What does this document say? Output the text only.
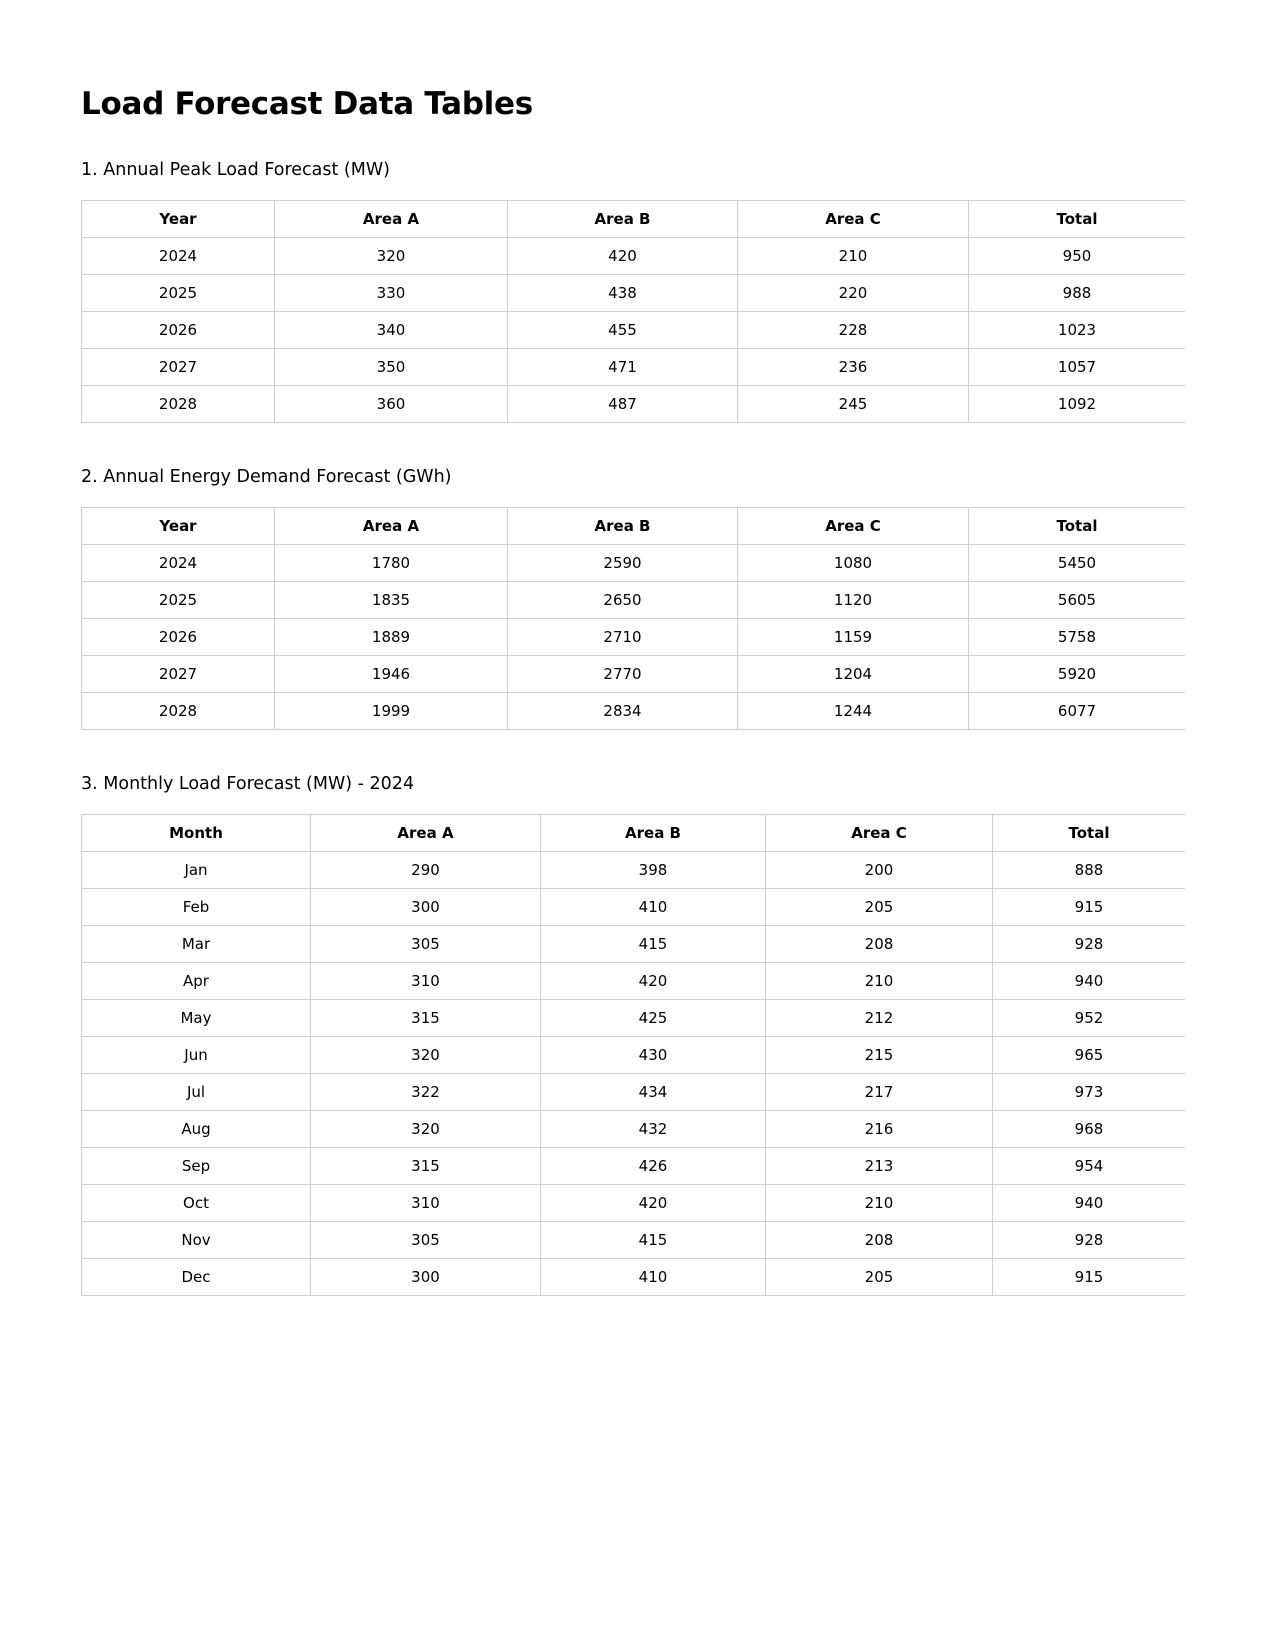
Load Forecast Data Tables
1. Annual Peak Load Forecast (MW)
Year	Area A	Area B	Area C	Total
2024	320	420	210	950
2025	330	438	220	988
2026	340	455	228	1023
2027	350	471	236	1057
2028	360	487	245	1092
2. Annual Energy Demand Forecast (GWh)
Year	Area A	Area B	Area C	Total
2024	1780	2590	1080	5450
2025	1835	2650	1120	5605
2026	1889	2710	1159	5758
2027	1946	2770	1204	5920
2028	1999	2834	1244	6077
3. Monthly Load Forecast (MW) - 2024
Month	Area A	Area B	Area C	Total
Jan	290	398	200	888
Feb	300	410	205	915
Mar	305	415	208	928
Apr	310	420	210	940
May	315	425	212	952
Jun	320	430	215	965
Jul	322	434	217	973
Aug	320	432	216	968
Sep	315	426	213	954
Oct	310	420	210	940
Nov	305	415	208	928
Dec	300	410	205	915
